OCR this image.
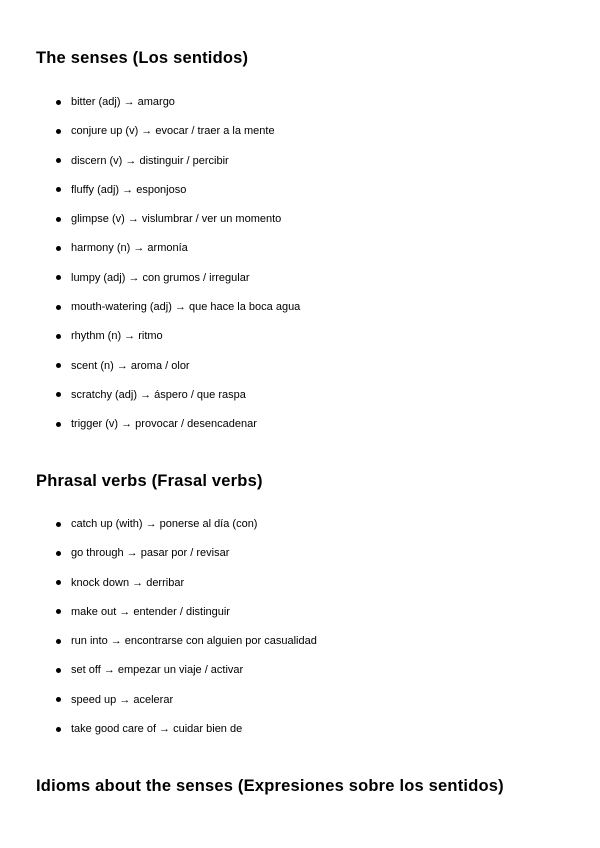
The senses (Los sentidos)
bitter (adj) → amargo
conjure up (v) → evocar / traer a la mente
discern (v) → distinguir / percibir
fluffy (adj) → esponjoso
glimpse (v) → vislumbrar / ver un momento
harmony (n) → armonía
lumpy (adj) → con grumos / irregular
mouth-watering (adj) → que hace la boca agua
rhythm (n) → ritmo
scent (n) → aroma / olor
scratchy (adj) → áspero / que raspa
trigger (v) → provocar / desencadenar
Phrasal verbs (Frasal verbs)
catch up (with) → ponerse al día (con)
go through → pasar por / revisar
knock down → derribar
make out → entender / distinguir
run into → encontrarse con alguien por casualidad
set off → empezar un viaje / activar
speed up → acelerar
take good care of → cuidar bien de
Idioms about the senses (Expresiones sobre los sentidos)
